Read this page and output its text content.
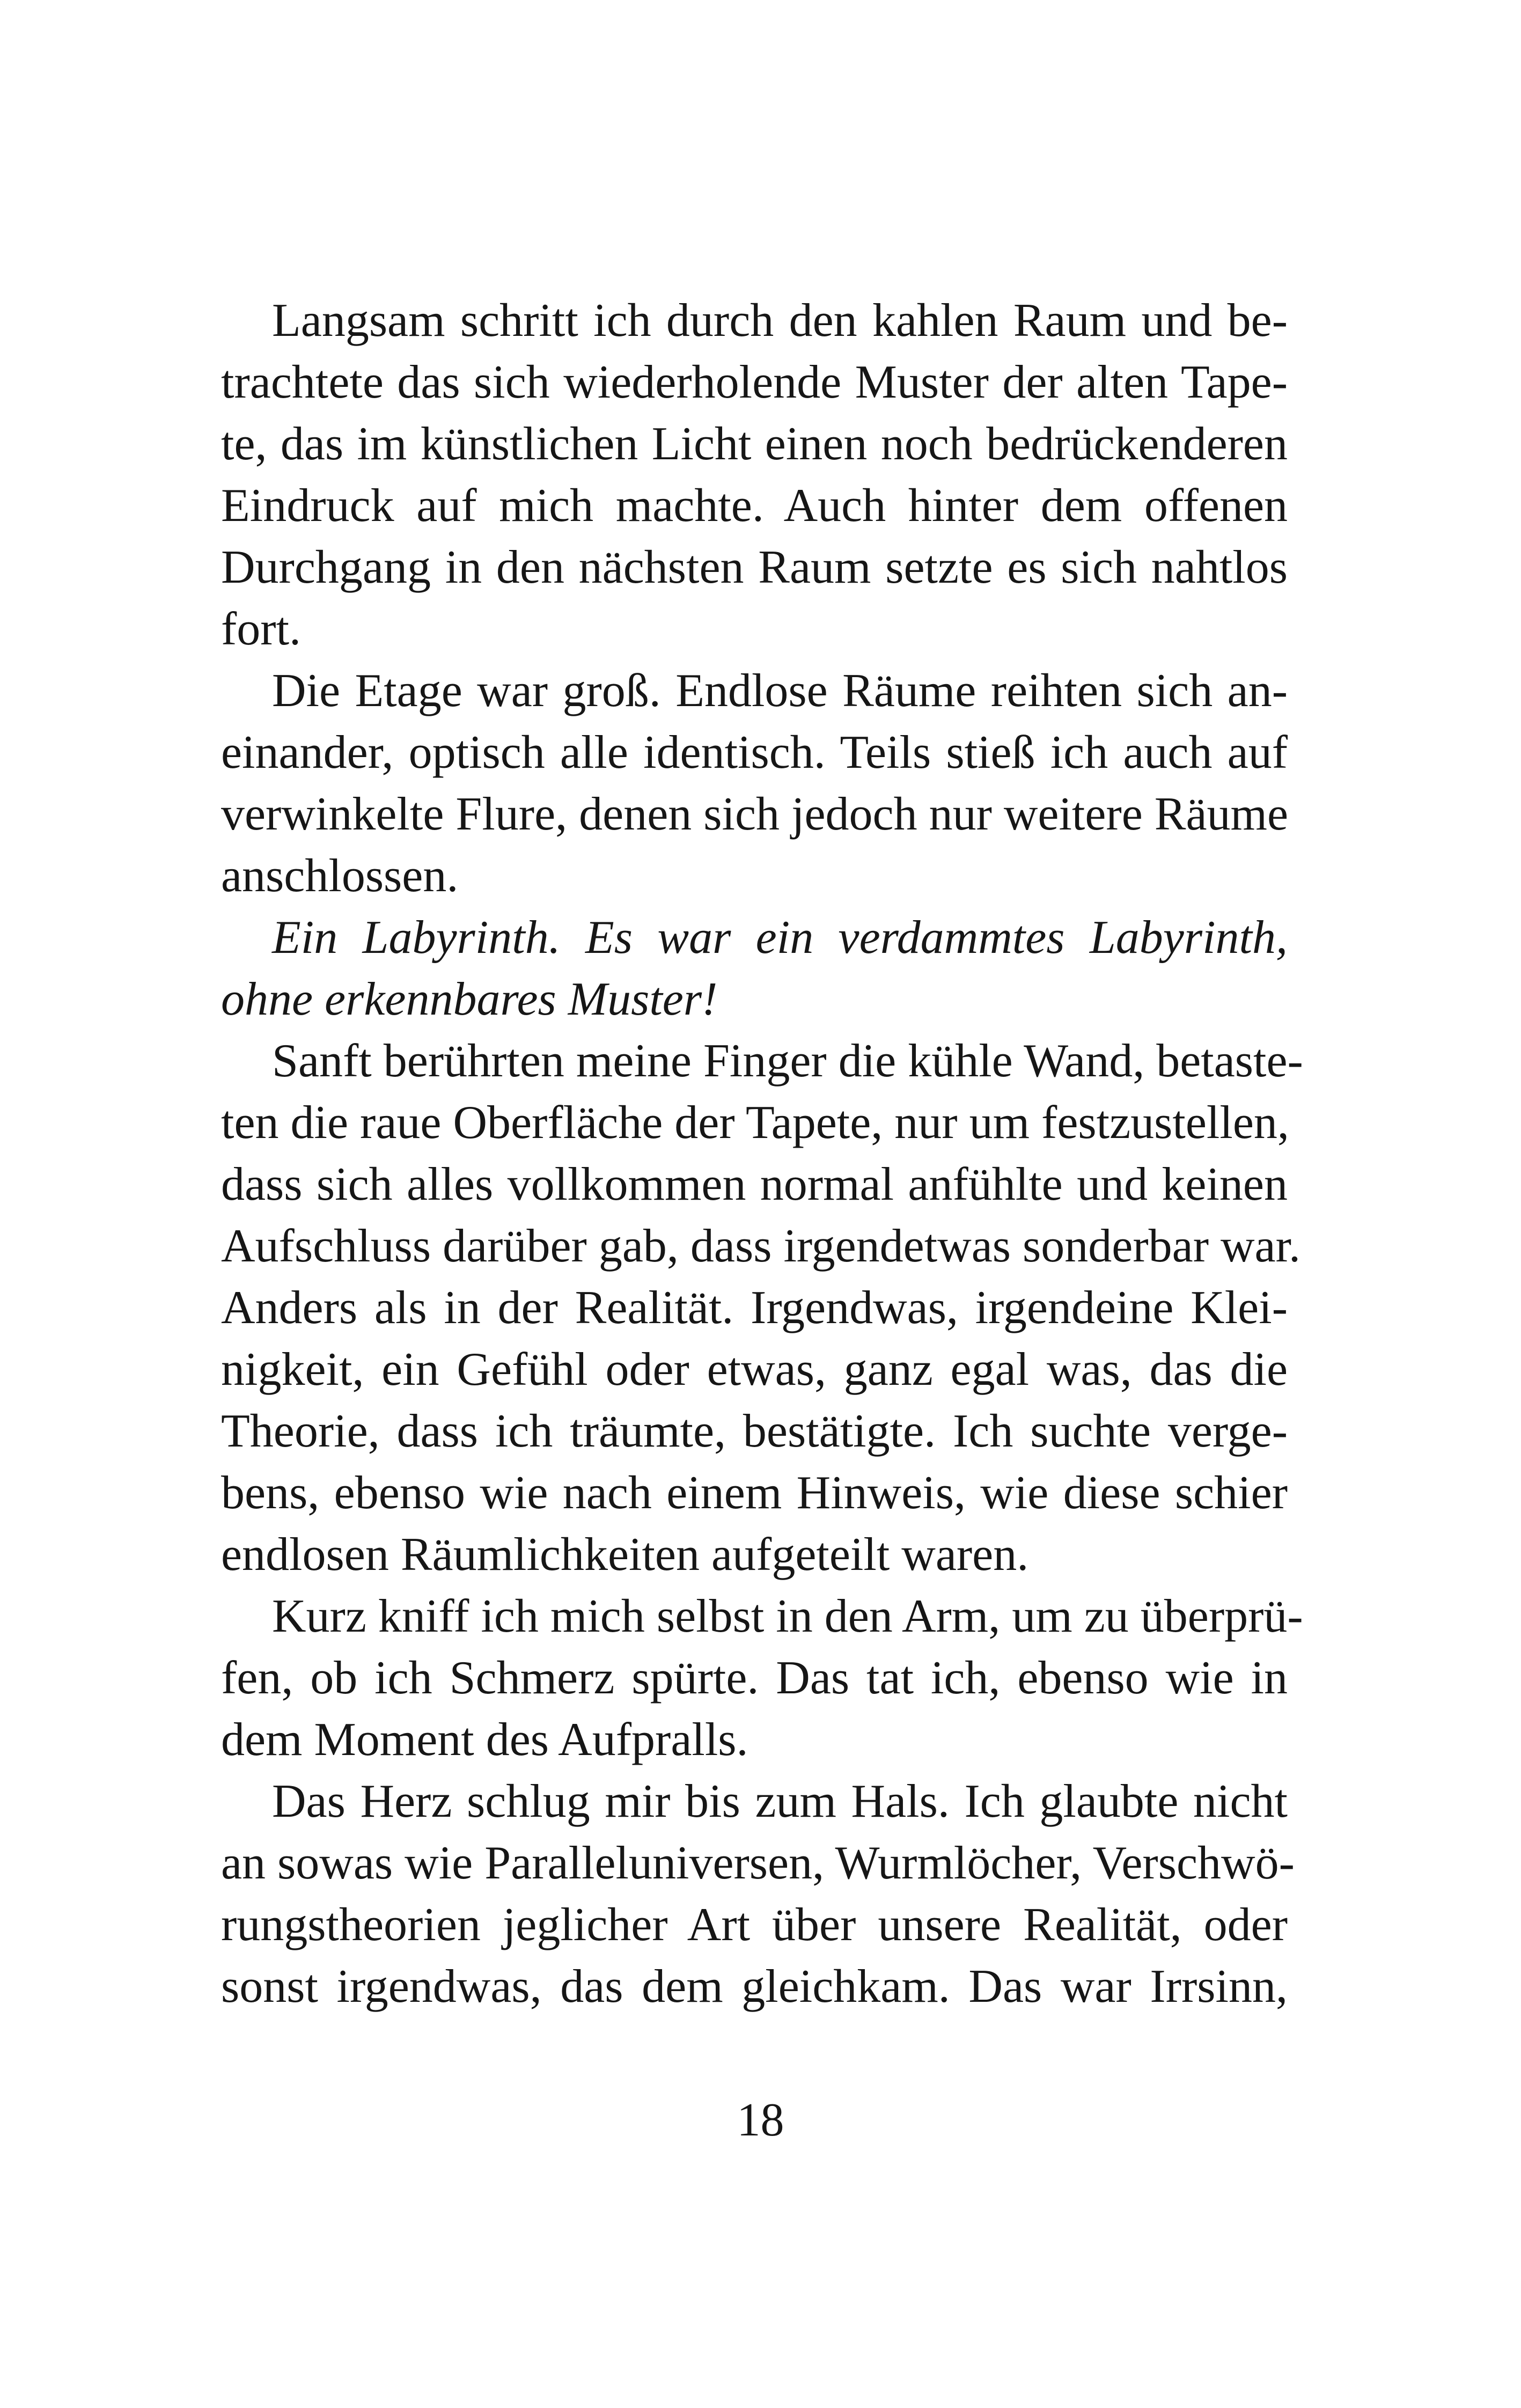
Langsam schritt ich durch den kahlen Raum und be-
trachtete das sich wiederholende Muster der alten Tape-
te, das im künstlichen Licht einen noch bedrückenderen
Eindruck auf mich machte. Auch hinter dem offenen
Durchgang in den nächsten Raum setzte es sich nahtlos
fort.
Die Etage war groß. Endlose Räume reihten sich an-
einander, optisch alle identisch. Teils stieß ich auch auf
verwinkelte Flure, denen sich jedoch nur weitere Räume
anschlossen.
Ein Labyrinth. Es war ein verdammtes Labyrinth,
ohne erkennbares Muster!
Sanft berührten meine Finger die kühle Wand, betaste-
ten die raue Oberfläche der Tapete, nur um festzustellen,
dass sich alles vollkommen normal anfühlte und keinen
Aufschluss darüber gab, dass irgendetwas sonderbar war.
Anders als in der Realität. Irgendwas, irgendeine Klei-
nigkeit, ein Gefühl oder etwas, ganz egal was, das die
Theorie, dass ich träumte, bestätigte. Ich suchte verge-
bens, ebenso wie nach einem Hinweis, wie diese schier
endlosen Räumlichkeiten aufgeteilt waren.
Kurz kniff ich mich selbst in den Arm, um zu überprü-
fen, ob ich Schmerz spürte. Das tat ich, ebenso wie in
dem Moment des Aufpralls.
Das Herz schlug mir bis zum Hals. Ich glaubte nicht
an sowas wie Paralleluniversen, Wurmlöcher, Verschwö-
rungstheorien jeglicher Art über unsere Realität, oder
sonst irgendwas, das dem gleichkam. Das war Irrsinn,
18
